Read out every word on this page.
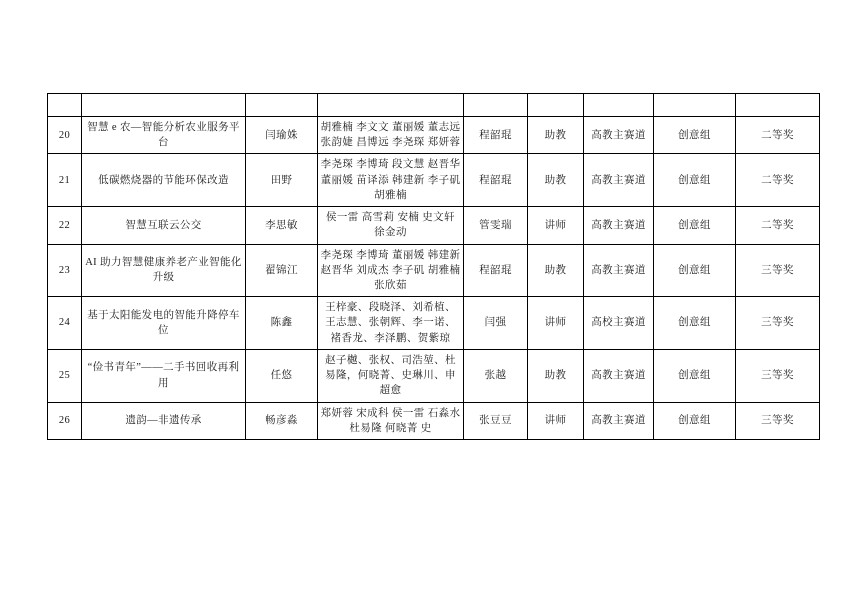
20	智慧 e 农—智能分析农业服务平台	闫瑜姝	胡雅楠 李文文 董丽媛 董志远 张韵婕 昌博远 李尧琛 郑妍蓉	程韶琨	助教	高教主赛道	创意组	二等奖
21	低碳燃烧器的节能环保改造	田野	李尧琛 李博琦 段文慧 赵晋华 董丽媛 苗译添 韩建新 李子矶 胡雅楠	程韶琨	助教	高教主赛道	创意组	二等奖
22	智慧互联云公交	李思敏	侯一雷 高雪莉 安楠 史文轩 徐金动	管雯瑞	讲师	高教主赛道	创意组	二等奖
23	AI 助力智慧健康养老产业智能化升级	翟锦江	李尧琛 李博琦 董丽媛 韩建新 赵晋华 刘成杰 李子矶 胡雅楠 张欣茹	程韶琨	助教	高教主赛道	创意组	三等奖
24	基于太阳能发电的智能升降停车位	陈鑫	王梓豪、段晓泽、刘希植、王志慧、张朝辉、李一诺、褚香龙、李泽鹏、贺紫琼	闫强	讲师	高校主赛道	创意组	三等奖
25	“俭书青年”——二手书回收再利用	任悠	赵子樾、张权、司浩堃、杜易隆，何晓菁、史琳川、申超愈	张越	助教	高教主赛道	创意组	三等奖
26	遗韵—非遗传承	畅彦淼	郑妍蓉 宋成科 侯一雷 石淼水 杜易隆 何晓菁 史	张豆豆	讲师	高教主赛道	创意组	三等奖
